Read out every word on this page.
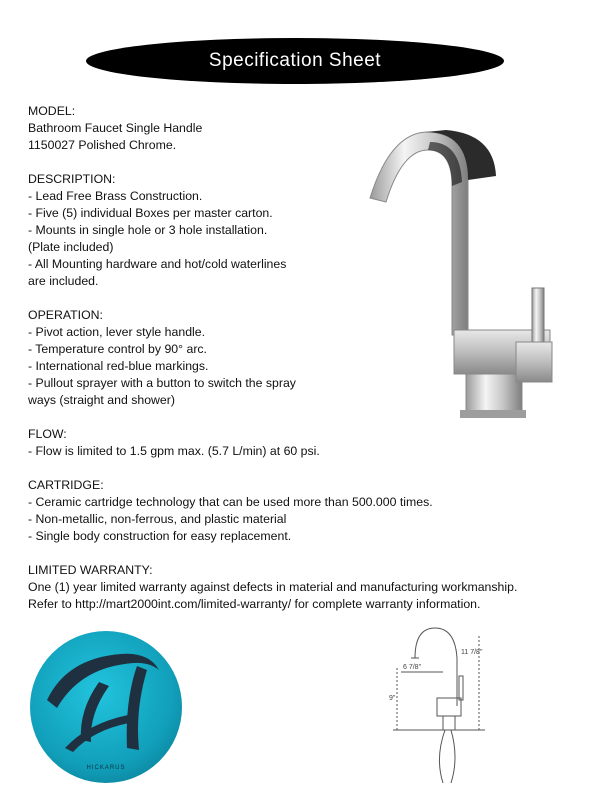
Specification Sheet
MODEL:
Bathroom Faucet Single Handle
1150027 Polished Chrome.
DESCRIPTION:
- Lead Free Brass Construction.
- Five (5) individual Boxes per master carton.
- Mounts in single hole or 3 hole installation.
(Plate included)
- All Mounting hardware and hot/cold waterlines
are included.
OPERATION:
- Pivot action, lever style handle.
- Temperature control by 90° arc.
- International red-blue markings.
- Pullout sprayer with a button to switch the spray
ways (straight and shower)
FLOW:
- Flow is limited to 1.5 gpm max. (5.7 L/min) at 60 psi.
CARTRIDGE:
- Ceramic cartridge technology that can be used more than 500.000 times.
- Non-metallic, non-ferrous, and plastic material
- Single body construction for easy replacement.
LIMITED WARRANTY:
One (1) year limited warranty against defects in material and manufacturing workmanship.
Refer to http://mart2000int.com/limited-warranty/ for complete warranty information.
6 7/8"
11 7/8"
9"
HICKARUS
